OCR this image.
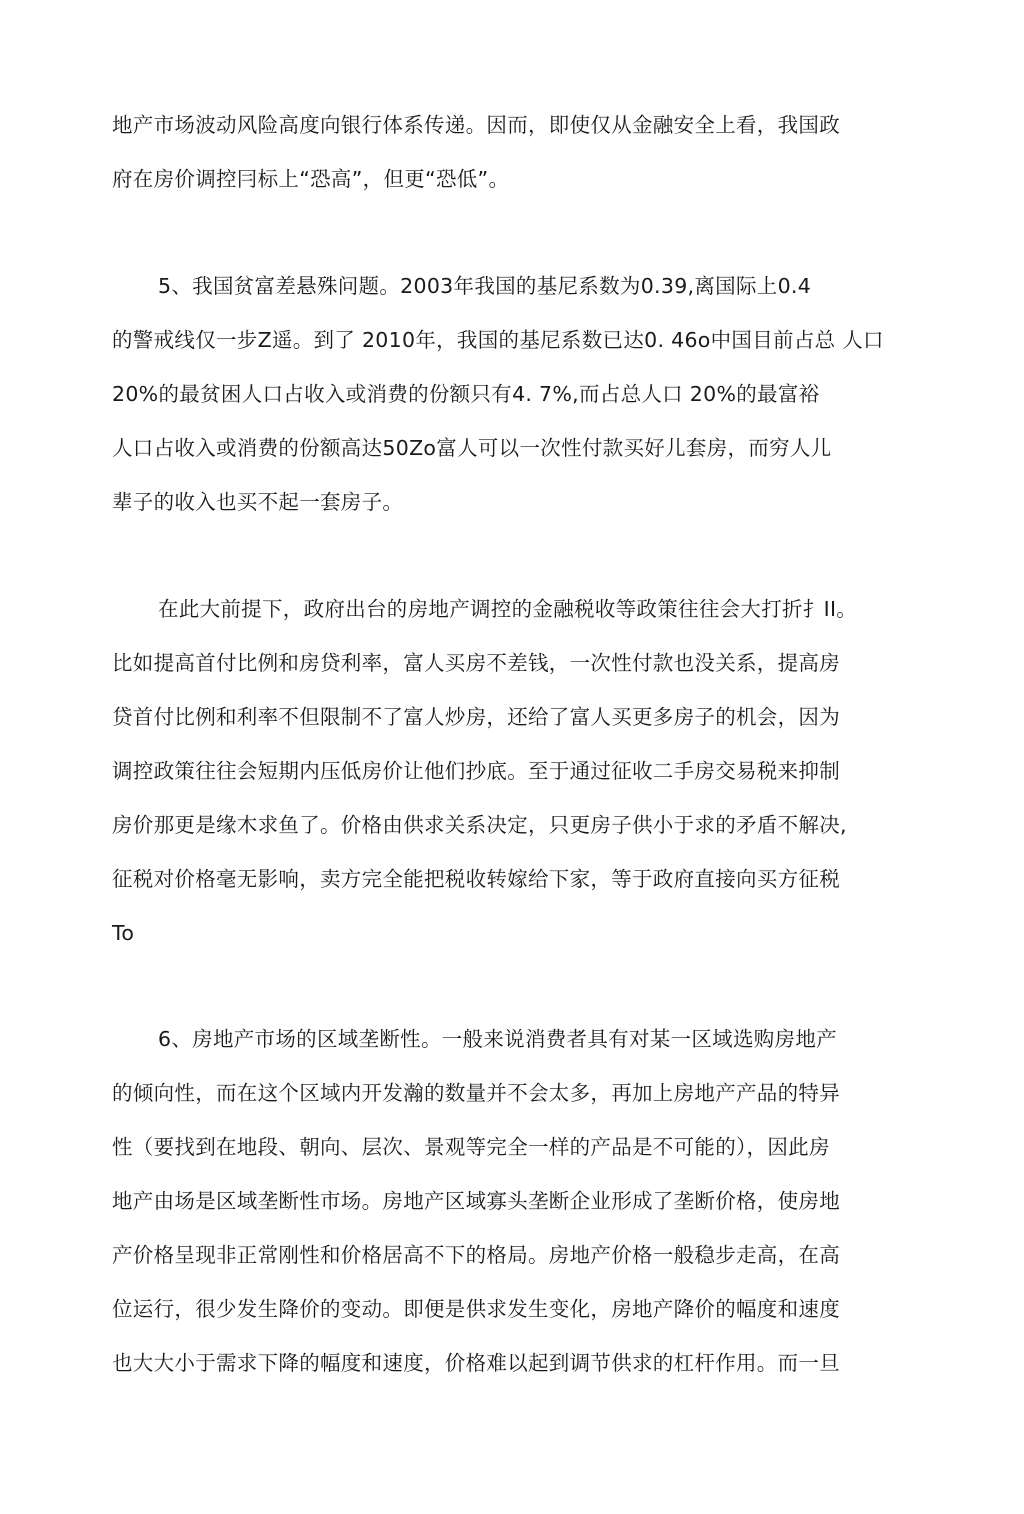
地产市场波动风险高度向银行体系传递。因而，即使仅从金融安全上看，我国政
府在房价调控冃标上“恐高”，但更“恐低”。
5、我国贫富差悬殊问题。2003年我国的基尼系数为0.39,离国际上0.4
的警戒线仅一步Z遥。到了 2010年，我国的基尼系数已达0. 46o中国目前占总 人口
20%的最贫困人口占收入或消费的份额只有4. 7%,而占总人口 20%的最富裕
人口占收入或消费的份额高达50Zo富人可以一次性付款买好儿套房，而穷人儿
辈子的收入也买不起一套房子。
在此大前提下，政府出台的房地产调控的金融税收等政策往往会大打折扌II。
比如提高首付比例和房贷利率，富人买房不差钱，一次性付款也没关系，提高房
贷首付比例和利率不但限制不了富人炒房，还给了富人买更多房子的机会，因为
调控政策往往会短期内压低房价让他们抄底。至于通过征收二手房交易税来抑制
房价那更是缘木求鱼了。价格由供求关系决定，只更房子供小于求的矛盾不解决,
征税对价格毫无影响，卖方完全能把税收转嫁给下家，等于政府直接向买方征税
To
6、房地产市场的区域垄断性。一般来说消费者具有对某一区域选购房地产
的倾向性，而在这个区域内开发瀚的数量并不会太多，再加上房地产产品的特异
性（要找到在地段、朝向、层次、景观等完全一样的产品是不可能的），因此房
地产由场是区域垄断性市场。房地产区域寡头垄断企业形成了垄断价格，使房地
产价格呈现非正常刚性和价格居高不下的格局。房地产价格一般稳步走高，在高
位运行，很少发生降价的变动。即便是供求发生变化，房地产降价的幅度和速度
也大大小于需求下降的幅度和速度，价格难以起到调节供求的杠杆作用。而一旦
